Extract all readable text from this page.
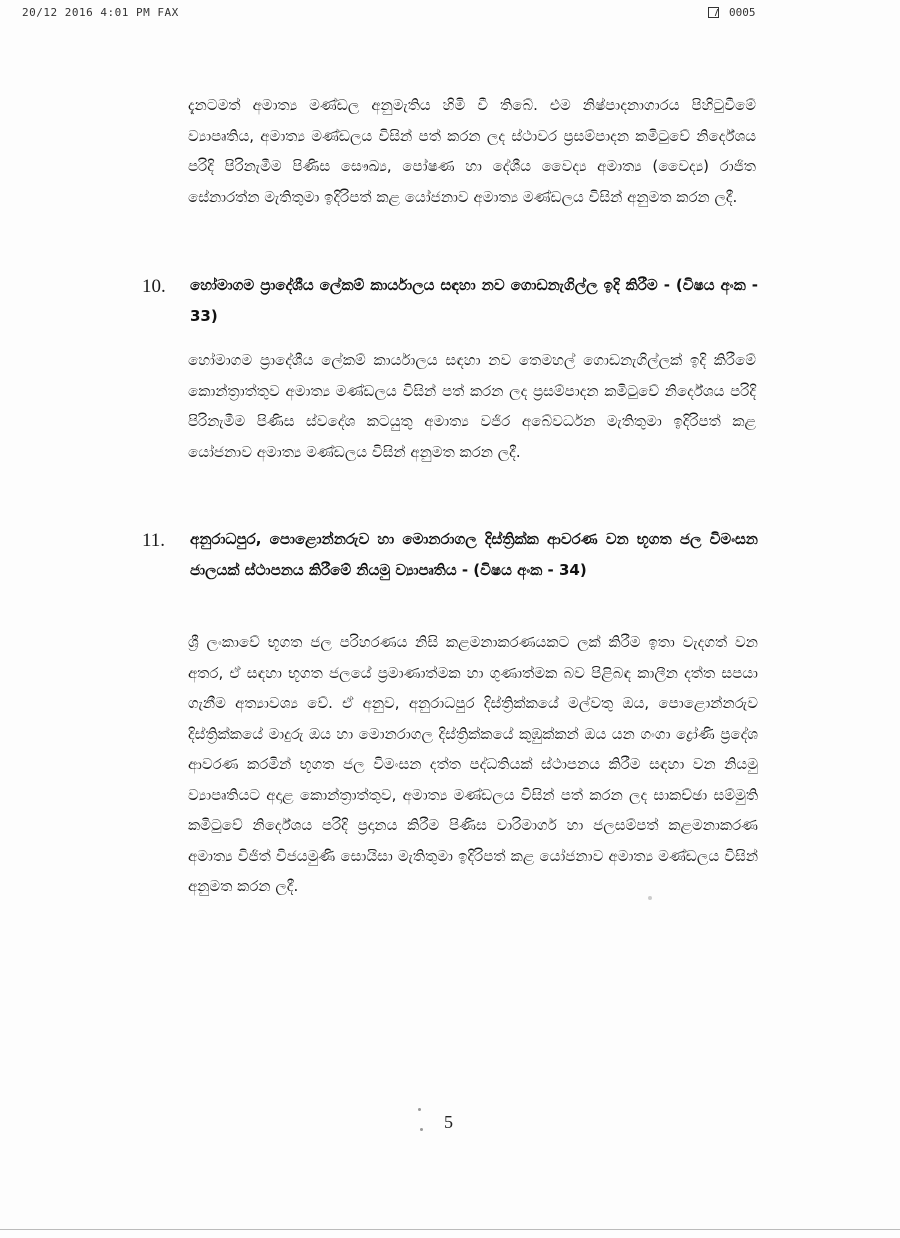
20/12 2016 4:01 PM FAX	0005
දැනටමත් අමාත්‍ය මණ්ඩල අනුමැතිය හිමි වී තිබේ. එම නිෂ්පාදනාගාරය පිහිටුවීමේ ව්‍යාපෘතිය, අමාත්‍ය මණ්ඩලය විසින් පත් කරන ලද ස්ථාවර ප්‍රසම්පාදන කමිටුවේ නිර්දේශය පරිදි පිරිනැමීම පිණිස සෞඛ්‍ය, පෝෂණ හා දේශීය වෛද්‍ය අමාත්‍ය (වෛද්‍ය) රාජිත සේනාරත්න මැතිතුමා ඉදිරිපත් කළ යෝජනාව අමාත්‍ය මණ්ඩලය විසින් අනුමත කරන ලදී.
10. හෝමාගම ප්‍රාදේශීය ලේකම් කාර්යාලය සඳහා නව ගොඩනැගිල්ල ඉදි කිරීම - (විෂය අංක - 33)
හෝමාගම ප්‍රාදේශීය ලේකම් කාර්යාලය සඳහා නව තෙමහල් ගොඩනැගිල්ලක් ඉදි කිරීමේ කොන්ත්‍රාත්තුව අමාත්‍ය මණ්ඩලය විසින් පත් කරන ලද ප්‍රසම්පාදන කමිටුවේ නිර්දේශය පරිදි පිරිනැමීම පිණිස ස්වදේශ කටයුතු අමාත්‍ය වජිර අබේවර්ධන මැතිතුමා ඉදිරිපත් කළ යෝජනාව අමාත්‍ය මණ්ඩලය විසින් අනුමත කරන ලදී.
11. අනුරාධපුර, පොළොන්නරුව හා මොනරාගල දිස්ත්‍රික්ක ආවරණ වන භූගත ජල විමංසන ජාලයක් ස්ථාපනය කිරීමේ නියමු ව්‍යාපෘතිය - (විෂය අංක - 34)
ශ්‍රී ලංකාවේ භූගත ජල පරිහරණය නිසි කළමනාකරණයකට ලක් කිරීම ඉතා වැදගත් වන අතර, ඒ සඳහා භූගත ජලයේ ප්‍රමාණාත්මක හා ගුණාත්මක බව පිළිබඳ කාලීන දත්ත සපයා ගැනීම අත්‍යාවශ්‍ය වේ. ඒ අනුව, අනුරාධපුර දිස්ත්‍රික්කයේ මල්වතු ඔය, පොළොන්නරුව දිස්ත්‍රික්කයේ මාදුරු ඔය හා මොනරාගල දිස්ත්‍රික්කයේ කුඹුක්කන් ඔය යන ගංගා ද්‍රෝණි ප්‍රදේශ ආවරණ කරමින් භූගත ජල විමංසන දත්ත පද්ධතියක් ස්ථාපනය කිරීම සඳහා වන නියමු ව්‍යාපෘතියට අදාළ කොන්ත්‍රාත්තුව, අමාත්‍ය මණ්ඩලය විසින් පත් කරන ලද සාකච්ඡා සම්මුති කමිටුවේ නිර්දේශය පරිදි ප්‍රදානය කිරීම පිණිස වාරිමාර්ග හා ජලසම්පත් කළමනාකරණ අමාත්‍ය විජිත් විජයමුණි සොයිසා මැතිතුමා ඉදිරිපත් කළ යෝජනාව අමාත්‍ය මණ්ඩලය විසින් අනුමත කරන ලදී.
5
